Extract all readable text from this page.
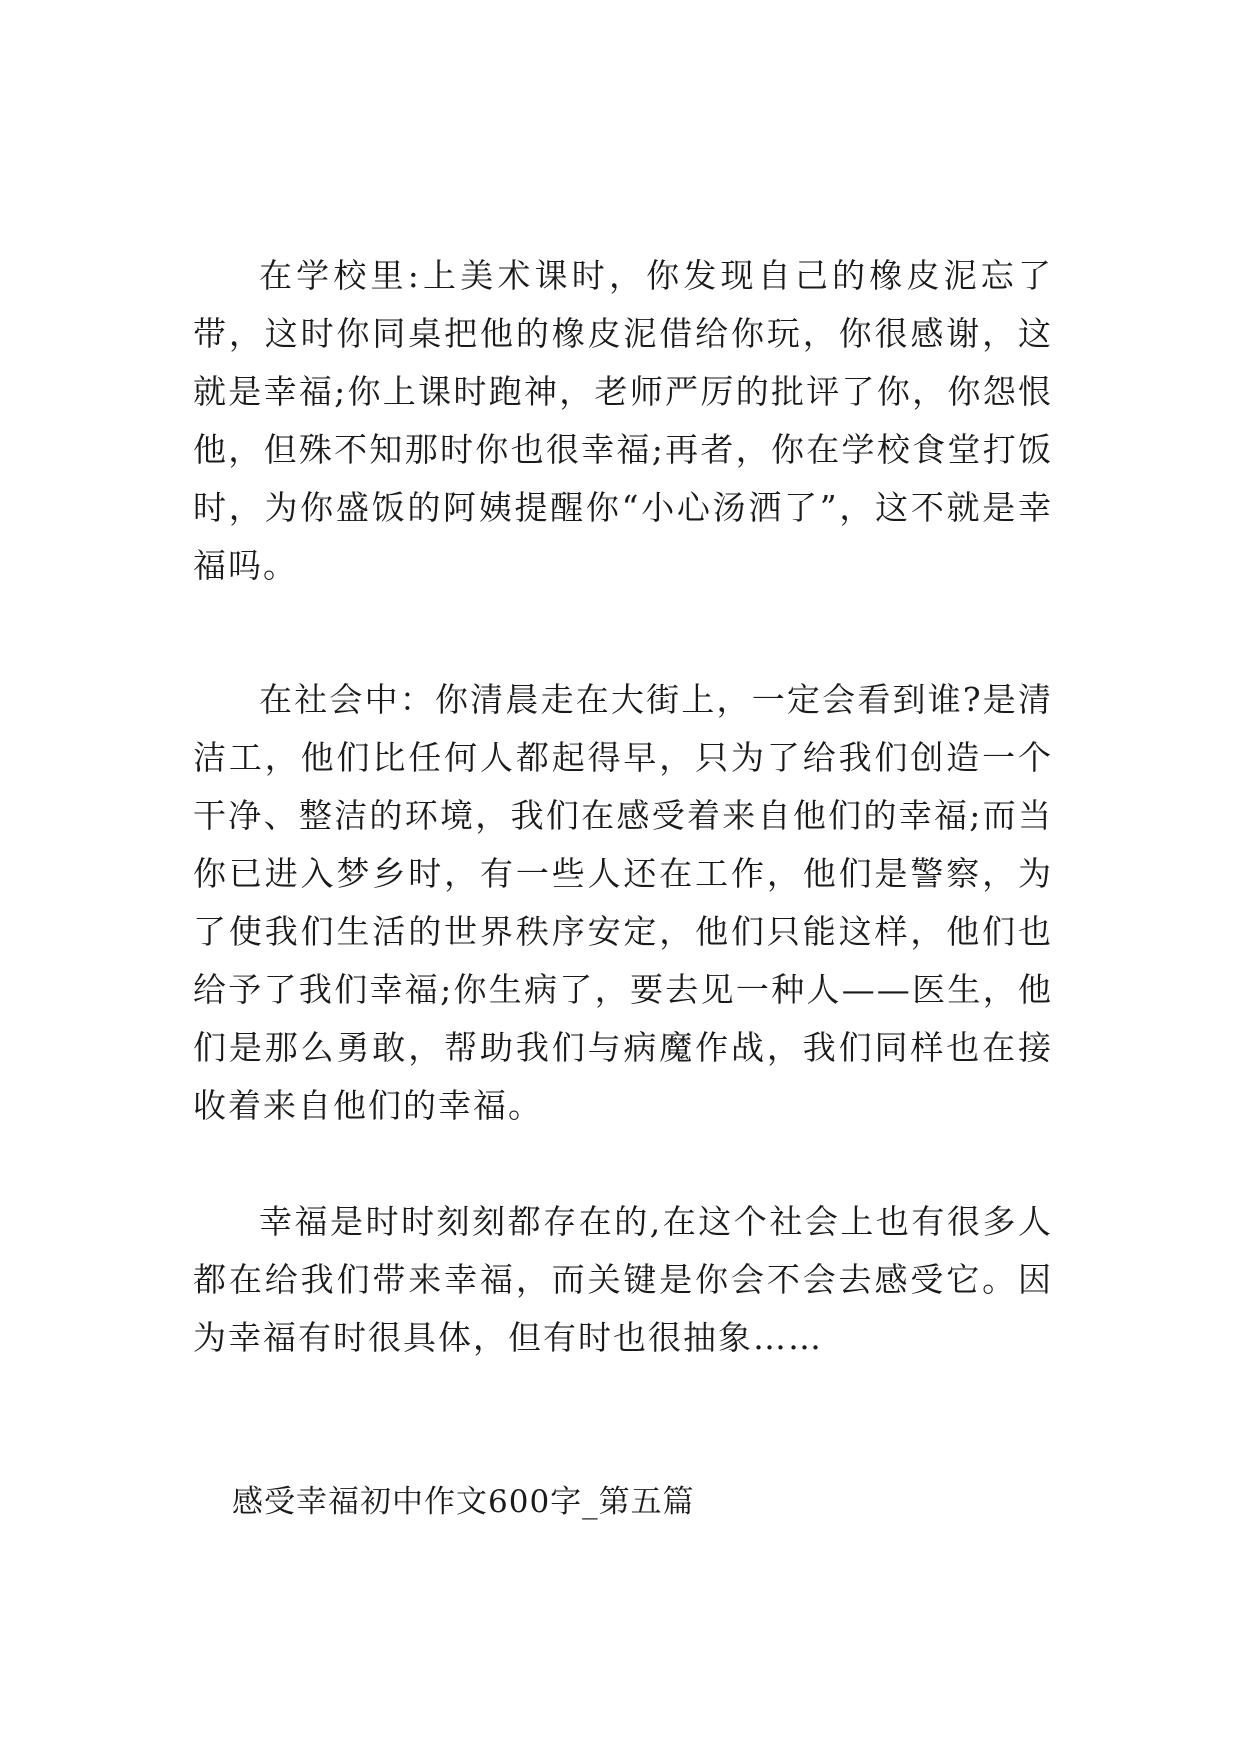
在学校里:上美术课时，你发现自己的橡皮泥忘了带，这时你同桌把他的橡皮泥借给你玩，你很感谢，这就是幸福;你上课时跑神，老师严厉的批评了你，你怨恨他，但殊不知那时你也很幸福;再者，你在学校食堂打饭时，为你盛饭的阿姨提醒你“小心汤洒了”，这不就是幸福吗。

在社会中：你清晨走在大街上，一定会看到谁?是清洁工，他们比任何人都起得早，只为了给我们创造一个干净、整洁的环境，我们在感受着来自他们的幸福;而当你已进入梦乡时，有一些人还在工作，他们是警察，为了使我们生活的世界秩序安定，他们只能这样，他们也给予了我们幸福;你生病了，要去见一种人——医生，他们是那么勇敢，帮助我们与病魔作战，我们同样也在接收着来自他们的幸福。

幸福是时时刻刻都存在的,在这个社会上也有很多人都在给我们带来幸福，而关键是你会不会去感受它。因为幸福有时很具体，但有时也很抽象……

感受幸福初中作文600字_第五篇
